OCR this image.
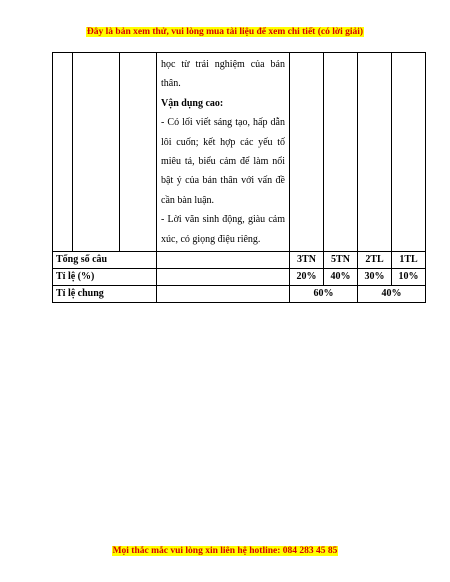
Đây là bản xem thử, vui lòng mua tài liệu để xem chi tiết (có lời giải)

			học từ trải nghiệm của bản thân.

Vận dụng cao:

- Có lối viết sáng tạo, hấp dẫn lôi cuốn; kết hợp các yếu tố miêu tả, biểu cảm để làm nổi bật ý của bản thân với vấn đề cần bàn luận.

- Lời văn sinh động, giàu cảm xúc, có giọng điệu riêng.				

Tổng số câu				3TN	5TN	2TL	1TL
Tỉ lệ (%)				20%	40%	30%	10%
Tỉ lệ chung				60%		40%	
Mọi thắc mắc vui lòng xin liên hệ hotline: 084 283 45 85
